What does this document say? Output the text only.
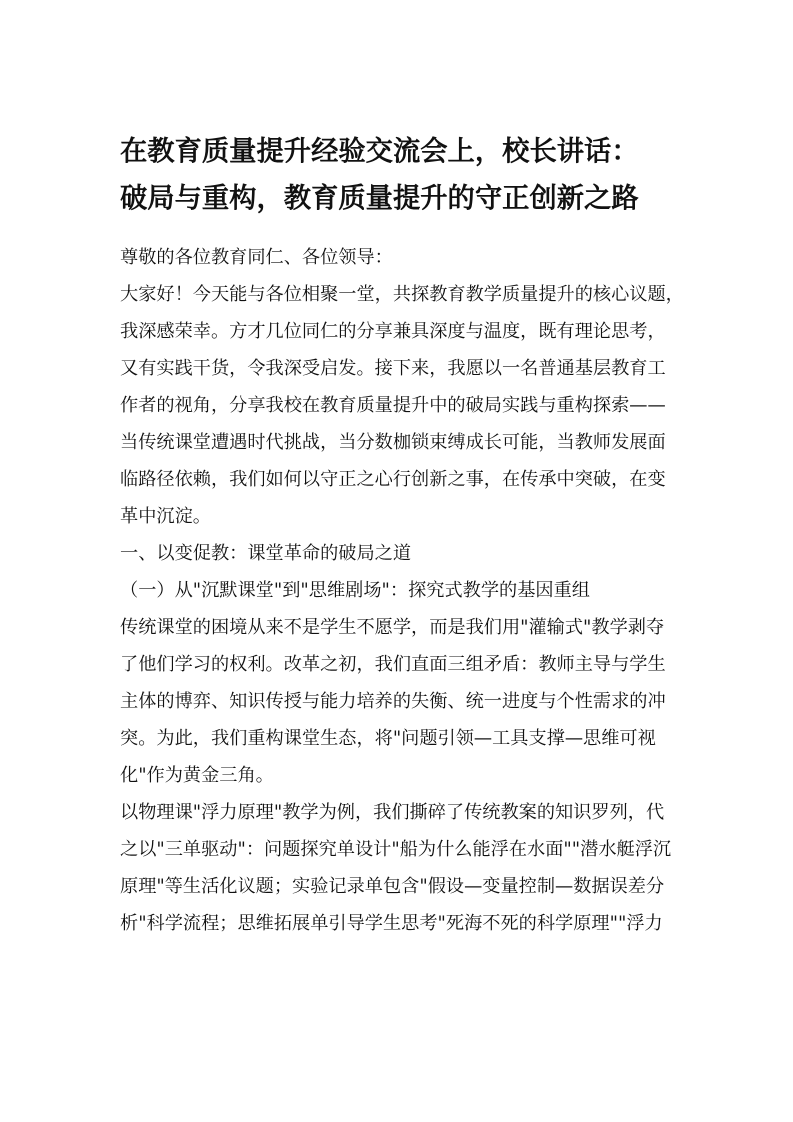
在教育质量提升经验交流会上，校长讲话：
破局与重构，教育质量提升的守正创新之路

尊敬的各位教育同仁、各位领导：

大家好！今天能与各位相聚一堂，共探教育教学质量提升的核心议题，
我深感荣幸。方才几位同仁的分享兼具深度与温度，既有理论思考，
又有实践干货，令我深受启发。接下来，我愿以一名普通基层教育工
作者的视角，分享我校在教育质量提升中的破局实践与重构探索——
当传统课堂遭遇时代挑战，当分数枷锁束缚成长可能，当教师发展面
临路径依赖，我们如何以守正之心行创新之事，在传承中突破，在变
革中沉淀。

一、以变促教：课堂革命的破局之道

（一）从"沉默课堂"到"思维剧场"：探究式教学的基因重组

传统课堂的困境从来不是学生不愿学，而是我们用"灌输式"教学剥夺
了他们学习的权利。改革之初，我们直面三组矛盾：教师主导与学生
主体的博弈、知识传授与能力培养的失衡、统一进度与个性需求的冲
突。为此，我们重构课堂生态，将"问题引领—工具支撑—思维可视
化"作为黄金三角。

以物理课"浮力原理"教学为例，我们撕碎了传统教案的知识罗列，代
之以"三单驱动"：问题探究单设计"船为什么能浮在水面""潜水艇浮沉
原理"等生活化议题；实验记录单包含"假设—变量控制—数据误差分
析"科学流程；思维拓展单引导学生思考"死海不死的科学原理""浮力
